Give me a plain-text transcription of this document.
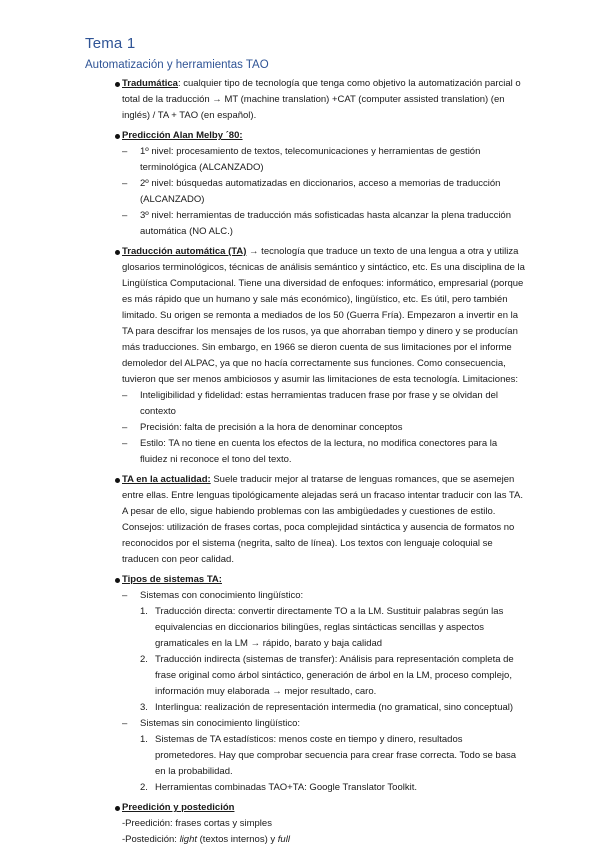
Tema 1
Automatización y herramientas TAO

Tradumática: cualquier tipo de tecnología que tenga como objetivo la automatización parcial o total de la traducción → MT (machine translation) +CAT (computer assisted translation) (en inglés) / TA + TAO (en español).

Predicción Alan Melby ´80:

– 1º nivel: procesamiento de textos, telecomunicaciones y herramientas de gestión terminológica (ALCANZADO)

– 2º nivel: búsquedas automatizadas en diccionarios, acceso a memorias de traducción (ALCANZADO)

– 3º nivel: herramientas de traducción más sofisticadas hasta alcanzar la plena traducción automática (NO ALC.)

Traducción automática (TA) → tecnología que traduce un texto de una lengua a otra y utiliza glosarios terminológicos, técnicas de análisis semántico y sintáctico, etc. Es una disciplina de la Lingüística Computacional. Tiene una diversidad de enfoques: informático, empresarial (porque es más rápido que un humano y sale más económico), lingüístico, etc. Es útil, pero también limitado. Su origen se remonta a mediados de los 50 (Guerra Fría). Empezaron a invertir en la TA para descifrar los mensajes de los rusos, ya que ahorraban tiempo y dinero y se producían más traducciones. Sin embargo, en 1966 se dieron cuenta de sus limitaciones por el informe demoledor del ALPAC, ya que no hacía correctamente sus funciones. Como consecuencia, tuvieron que ser menos ambiciosos y asumir las limitaciones de esta tecnología. Limitaciones:

– Inteligibilidad y fidelidad: estas herramientas traducen frase por frase y se olvidan del contexto

– Precisión: falta de precisión a la hora de denominar conceptos

– Estilo: TA no tiene en cuenta los efectos de la lectura, no modifica conectores para la fluidez ni reconoce el tono del texto.

TA en la actualidad: Suele traducir mejor al tratarse de lenguas romances, que se asemejen entre ellas. Entre lenguas tipológicamente alejadas será un fracaso intentar traducir con las TA. A pesar de ello, sigue habiendo problemas con las ambigüedades y cuestiones de estilo. Consejos: utilización de frases cortas, poca complejidad sintáctica y ausencia de formatos no reconocidos por el sistema (negrita, salto de línea). Los textos con lenguaje coloquial se traducen con peor calidad.

Tipos de sistemas TA:

– Sistemas con conocimiento lingüístico:

1. Traducción directa: convertir directamente TO a la LM. Sustituir palabras según las equivalencias en diccionarios bilingües, reglas sintácticas sencillas y aspectos gramaticales en la LM → rápido, barato y baja calidad

2. Traducción indirecta (sistemas de transfer): Análisis para representación completa de frase original como árbol sintáctico, generación de árbol en la LM, proceso complejo, información muy elaborada → mejor resultado, caro.

3. Interlingua: realización de representación intermedia (no gramatical, sino conceptual)

– Sistemas sin conocimiento lingüístico:

1. Sistemas de TA estadísticos: menos coste en tiempo y dinero, resultados prometedores. Hay que comprobar secuencia para crear frase correcta. Todo se basa en la probabilidad.

2. Herramientas combinadas TAO+TA: Google Translator Toolkit.

Preedición y postedición

-Preedición: frases cortas y simples

-Postedición: light (textos internos) y full
